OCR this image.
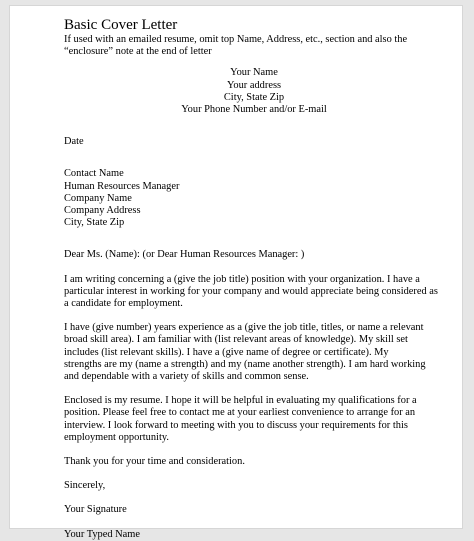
Basic Cover Letter
If used with an emailed resume, omit top Name, Address, etc., section and also the
“enclosure” note at the end of letter
Your Name
Your address
City, State Zip
Your Phone Number and/or E-mail
Date
Contact Name
Human Resources Manager
Company Name
Company Address
City, State Zip
Dear Ms. (Name): (or Dear Human Resources Manager: )
I am writing concerning a (give the job title) position with your organization. I have a
particular interest in working for your company and would appreciate being considered as
a candidate for employment.
I have (give number) years experience as a (give the job title, titles, or name a relevant
broad skill area). I am familiar with (list relevant areas of knowledge). My skill set
includes (list relevant skills). I have a (give name of degree or certificate). My
strengths are my (name a strength) and my (name another strength). I am hard working
and dependable with a variety of skills and common sense.
Enclosed is my resume. I hope it will be helpful in evaluating my qualifications for a
position. Please feel free to contact me at your earliest convenience to arrange for an
interview. I look forward to meeting with you to discuss your requirements for this
employment opportunity.
Thank you for your time and consideration.
Sincerely,
Your Signature
Your Typed Name
